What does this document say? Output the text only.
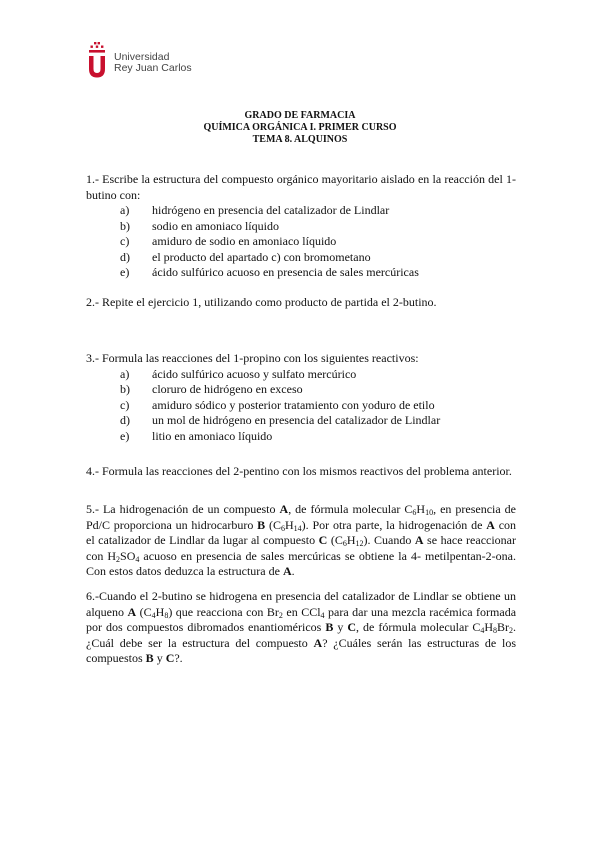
Universidad
Rey Juan Carlos
GRADO DE FARMACIA
QUÍMICA ORGÁNICA I. PRIMER CURSO
TEMA 8. ALQUINOS
1.- Escribe la estructura del compuesto orgánico mayoritario aislado en la reacción del 1-butino con:
a) hidrógeno en presencia del catalizador de Lindlar
b) sodio en amoniaco líquido
c) amiduro de sodio en amoniaco líquido
d) el producto del apartado c) con bromometano
e) ácido sulfúrico acuoso en presencia de sales mercúricas
2.- Repite el ejercicio 1, utilizando como producto de partida el 2-butino.
3.- Formula las reacciones del 1-propino con los siguientes reactivos:
a) ácido sulfúrico acuoso y sulfato mercúrico
b) cloruro de hidrógeno en exceso
c) amiduro sódico y posterior tratamiento con yoduro de etilo
d) un mol de hidrógeno en presencia del catalizador de Lindlar
e) litio en amoniaco líquido
4.- Formula las reacciones del 2-pentino con los mismos reactivos del problema anterior.
5.- La hidrogenación de un compuesto A, de fórmula molecular $C_6H_{10}$, en presencia de Pd/C proporciona un hidrocarburo B $(C_6H_{14})$. Por otra parte, la hidrogenación de A con el catalizador de Lindlar da lugar al compuesto C $(C_6H_{12})$. Cuando A se hace reaccionar con $H_2SO_4$ acuoso en presencia de sales mercúricas se obtiene la 4- metilpentan-2-ona. Con estos datos deduzca la estructura de A.
6.-Cuando el 2-butino se hidrogena en presencia del catalizador de Lindlar se obtiene un alqueno A $(C_4H_8)$ que reacciona con $Br_2$ en CCl$_4$ para dar una mezcla racémica formada por dos compuestos dibromados enantioméricos B y C, de fórmula molecular $C_4H_8Br_2$. ¿Cuál debe ser la estructura del compuesto A? ¿Cuáles serán las estructuras de los compuestos B y C?.
